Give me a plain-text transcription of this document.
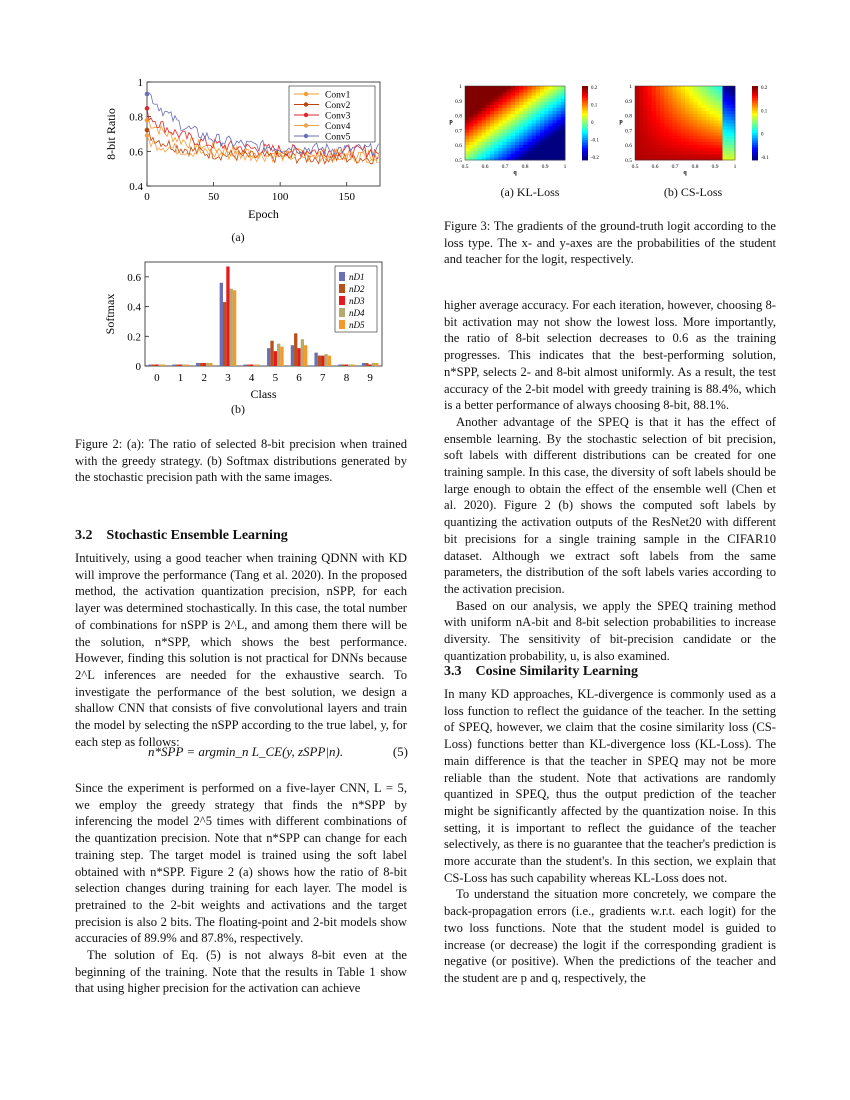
0.4
0.6
0.8
1
0	50	100	150
Epoch
8-bit Ratio
Conv1
Conv2
Conv3
Conv4
Conv5
(a)
0
0.2
0.4
0.6
0 1 2 3 4 5 6 7 8 9
Class
Softmax
nD1
nD2
nD3
nD4
nD5
(b)
Figure 2: (a): The ratio of selected 8-bit precision when trained with the greedy strategy. (b) Softmax distributions generated by the stochastic precision path with the same images.
0.5 0.6 0.7 0.8 0.9	1
0.5
0.6
0.7
0.8
0.9
1
q
p
0.2
0.1
0
-0.1
-0.2
0.5 0.6 0.7 0.8 0.9	1
0.5
0.6
0.7
0.8
0.9
1
q
p
0.2
0.1
0
-0.1
(a) KL-Loss	(b) CS-Loss
Figure 3: The gradients of the ground-truth logit according to the loss type. The x- and y-axes are the probabilities of the student and teacher for the logit, respectively.
3.2 Stochastic Ensemble Learning

Intuitively, using a good teacher when training QDNN with KD will improve the performance (Tang et al. 2020). In the proposed method, the activation quantization precision, nSPP, for each layer was determined stochastically. In this case, the total number of combinations for nSPP is 2^L, and among them there will be the solution, n*SPP, which shows the best performance. However, finding this solution is not practical for DNNs because 2^L inferences are needed for the exhaustive search. To investigate the performance of the best solution, we design a shallow CNN that consists of five convolutional layers and train the model by selecting the nSPP according to the true label, y, for each step as follows:

n*SPP = argmin_n L_CE(y, zSPP|n).	(5)

Since the experiment is performed on a five-layer CNN, L = 5, we employ the greedy strategy that finds the n*SPP by inferencing the model 2^5 times with different combinations of the quantization precision. Note that n*SPP can change for each training step. The target model is trained using the soft label obtained with n*SPP. Figure 2 (a) shows how the ratio of 8-bit selection changes during training for each layer. The model is pretrained to the 2-bit weights and activations and the target precision is also 2 bits. The floating-point and 2-bit models show accuracies of 89.9% and 87.8%, respectively.

The solution of Eq. (5) is not always 8-bit even at the beginning of the training. Note that the results in Table 1 show that using higher precision for the activation can achieve

higher average accuracy. For each iteration, however, choosing 8-bit activation may not show the lowest loss. More importantly, the ratio of 8-bit selection decreases to 0.6 as the training progresses. This indicates that the best-performing solution, n*SPP, selects 2- and 8-bit almost uniformly. As a result, the test accuracy of the 2-bit model with greedy training is 88.4%, which is a better performance of always choosing 8-bit, 88.1%.

Another advantage of the SPEQ is that it has the effect of ensemble learning. By the stochastic selection of bit precision, soft labels with different distributions can be created for one training sample. In this case, the diversity of soft labels should be large enough to obtain the effect of the ensemble well (Chen et al. 2020). Figure 2 (b) shows the computed soft labels by quantizing the activation outputs of the ResNet20 with different bit precisions for a single training sample in the CIFAR10 dataset. Although we extract soft labels from the same parameters, the distribution of the soft labels varies according to the activation precision.

Based on our analysis, we apply the SPEQ training method with uniform nA-bit and 8-bit selection probabilities to increase diversity. The sensitivity of bit-precision candidate or the quantization probability, u, is also examined.

3.3 Cosine Similarity Learning

In many KD approaches, KL-divergence is commonly used as a loss function to reflect the guidance of the teacher. In the setting of SPEQ, however, we claim that the cosine similarity loss (CS-Loss) functions better than KL-divergence loss (KL-Loss). The main difference is that the teacher in SPEQ may not be more reliable than the student. Note that activations are randomly quantized in SPEQ, thus the output prediction of the teacher might be significantly affected by the quantization noise. In this setting, it is important to reflect the guidance of the teacher selectively, as there is no guarantee that the teacher's prediction is more accurate than the student's. In this section, we explain that CS-Loss has such capability whereas KL-Loss does not.

To understand the situation more concretely, we compare the back-propagation errors (i.e., gradients w.r.t. each logit) for the two loss functions. Note that the student model is guided to increase (or decrease) the logit if the corresponding gradient is negative (or positive). When the predictions of the teacher and the student are p and q, respectively, the
